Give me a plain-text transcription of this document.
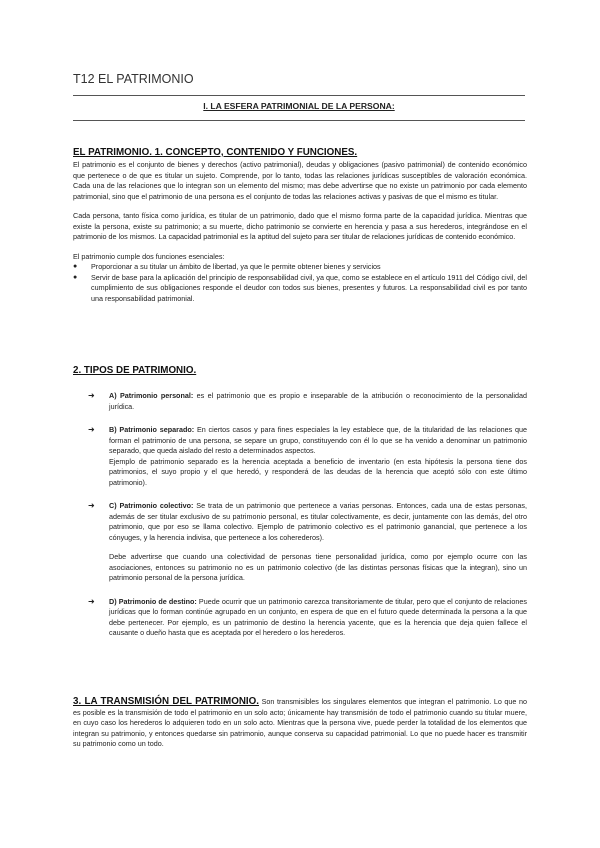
T12 EL PATRIMONIO
I. LA ESFERA PATRIMONIAL DE LA PERSONA:
EL PATRIMONIO. 1. CONCEPTO, CONTENIDO Y FUNCIONES.

El patrimonio es el conjunto de bienes y derechos (activo patrimonial), deudas y obligaciones (pasivo patrimonial) de contenido económico que pertenece o de que es titular un sujeto. Comprende, por lo tanto, todas las relaciones jurídicas susceptibles de valoración económica. Cada una de las relaciones que lo integran son un elemento del mismo; mas debe advertirse que no existe un patrimonio por cada elemento patrimonial, sino que el patrimonio de una persona es el conjunto de todas las relaciones activas y pasivas de que el mismo es titular.

Cada persona, tanto física como jurídica, es titular de un patrimonio, dado que el mismo forma parte de la capacidad jurídica. Mientras que existe la persona, existe su patrimonio; a su muerte, dicho patrimonio se convierte en herencia y pasa a sus herederos, integrándose en el patrimonio de los mismos. La capacidad patrimonial es la aptitud del sujeto para ser titular de relaciones jurídicas de contenido económico.

El patrimonio cumple dos funciones esenciales:

● Proporcionar a su titular un ámbito de libertad, ya que le permite obtener bienes y servicios
● Servir de base para la aplicación del principio de responsabilidad civil, ya que, como se establece en el artículo 1911 del Código civil, del cumplimiento de sus obligaciones responde el deudor con todos sus bienes, presentes y futuros. La responsabilidad civil es por tanto una responsabilidad patrimonial.
2. TIPOS DE PATRIMONIO.
➜ A) Patrimonio personal: es el patrimonio que es propio e inseparable de la atribución o reconocimiento de la personalidad jurídica.

➜ B) Patrimonio separado: En ciertos casos y para fines especiales la ley establece que, de la titularidad de las relaciones que forman el patrimonio de una persona, se separe un grupo, constituyendo con él lo que se ha venido a denominar un patrimonio separado, que queda aislado del resto a determinados aspectos.

Ejemplo de patrimonio separado es la herencia aceptada a beneficio de inventario (en esta hipótesis la persona tiene dos patrimonios, el suyo propio y el que heredó, y responderá de las deudas de la herencia que aceptó sólo con este último patrimonio).

➜ C) Patrimonio colectivo: Se trata de un patrimonio que pertenece a varias personas. Entonces, cada una de estas personas, además de ser titular exclusivo de su patrimonio personal, es titular colectivamente, es decir, juntamente con las demás, del otro patrimonio, que por eso se llama colectivo. Ejemplo de patrimonio colectivo es el patrimonio ganancial, que pertenece a los cónyuges, y la herencia indivisa, que pertenece a los coherederos).

Debe advertirse que cuando una colectividad de personas tiene personalidad jurídica, como por ejemplo ocurre con las asociaciones, entonces su patrimonio no es un patrimonio colectivo (de las distintas personas físicas que la integran), sino un patrimonio personal de la persona jurídica.

➜ D) Patrimonio de destino: Puede ocurrir que un patrimonio carezca transitoriamente de titular, pero que el conjunto de relaciones jurídicas que lo forman continúe agrupado en un conjunto, en espera de que en el futuro quede determinada la persona a la que debe pertenecer. Por ejemplo, es un patrimonio de destino la herencia yacente, que es la herencia que deja quien fallece el causante o dueño hasta que es aceptada por el heredero o los herederos.

3. LA TRANSMISIÓN DEL PATRIMONIO. Son transmisibles los singulares elementos que integran el patrimonio. Lo que no es posible es la transmisión de todo el patrimonio en un solo acto; únicamente hay transmisión de todo el patrimonio cuando su titular muere, en cuyo caso los herederos lo adquieren todo en un solo acto. Mientras que la persona vive, puede perder la totalidad de los elementos que integran su patrimonio, y entonces quedarse sin patrimonio, aunque conserva su capacidad patrimonial. Lo que no puede hacer es transmitir su patrimonio como un todo.
